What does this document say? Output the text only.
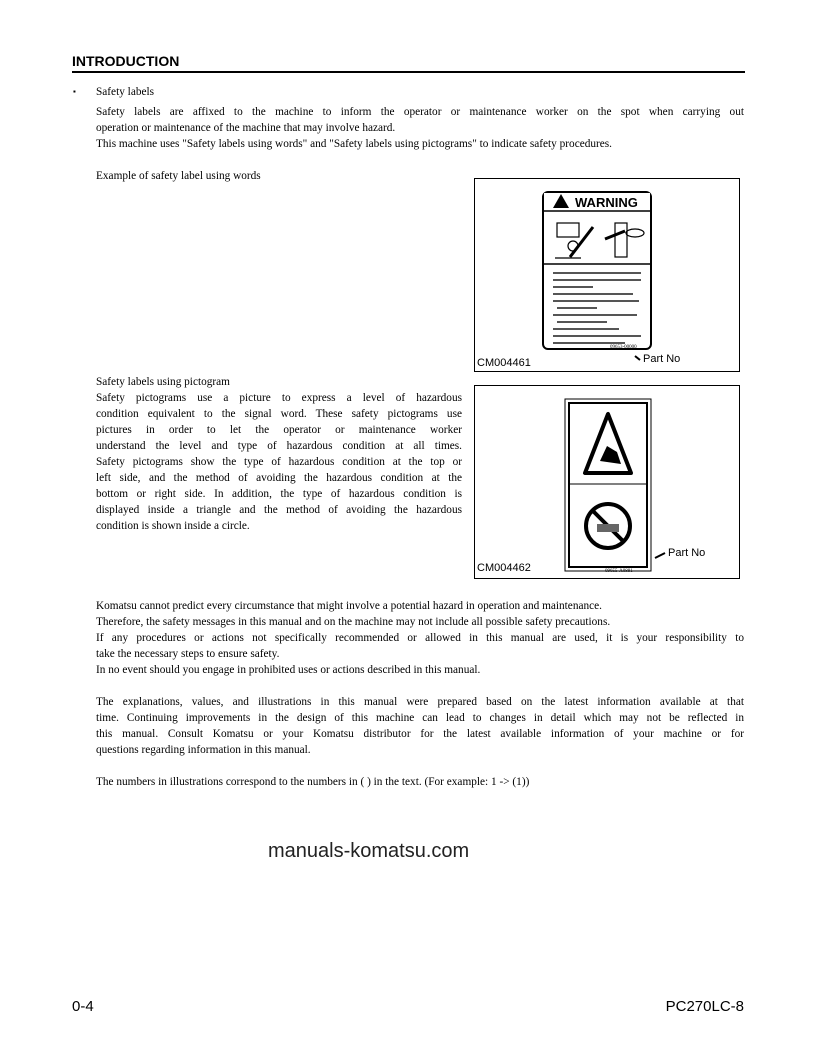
INTRODUCTION
▪ Safety labels
Safety labels are affixed to the machine to inform the operator or maintenance worker on the spot when carrying out
operation or maintenance of the machine that may involve hazard.
This machine uses "Safety labels using words" and "Safety labels using pictograms" to indicate safety procedures.
Example of safety label using words
WARNING
09653-00000
CM004461	Part No
Safety labels using pictogram
Safety pictograms use a picture to express a level of hazardous
condition equivalent to the signal word. These safety pictograms use
pictures in order to let the operator or maintenance worker
understand the level and type of hazardous condition at all times.
Safety pictograms show the type of hazardous condition at the top or
left side, and the method of avoiding the hazardous condition at the
bottom or right side. In addition, the type of hazardous condition is
displayed inside a triangle and the method of avoiding the hazardous
condition is shown inside a circle.
09655-A0881
CM004462
Part No
Komatsu cannot predict every circumstance that might involve a potential hazard in operation and maintenance.
Therefore, the safety messages in this manual and on the machine may not include all possible safety precautions.
If any procedures or actions not specifically recommended or allowed in this manual are used, it is your responsibility to
take the necessary steps to ensure safety.
In no event should you engage in prohibited uses or actions described in this manual.
The explanations, values, and illustrations in this manual were prepared based on the latest information available at that
time. Continuing improvements in the design of this machine can lead to changes in detail which may not be reflected in
this manual. Consult Komatsu or your Komatsu distributor for the latest available information of your machine or for
questions regarding information in this manual.
The numbers in illustrations correspond to the numbers in ( ) in the text. (For example: 1 -> (1))
manuals-komatsu.com
0-4	PC270LC-8
